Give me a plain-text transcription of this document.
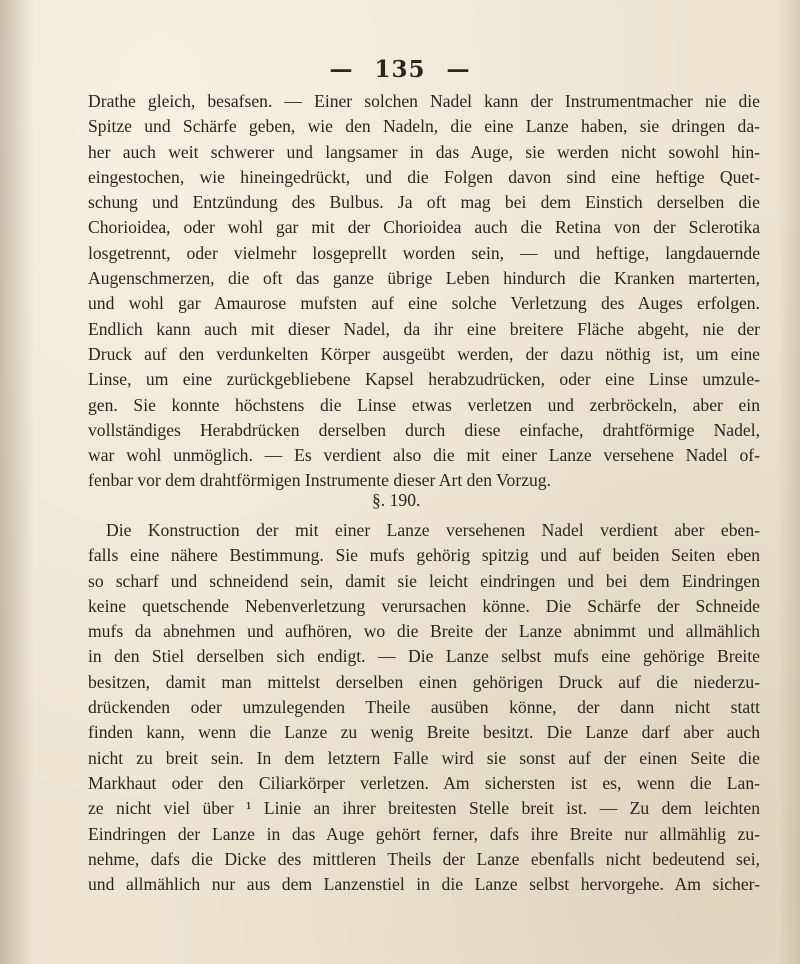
— 135 —
Drathe gleich, besafsen. — Einer solchen Nadel kann der Instrumentmacher nie die
Spitze und Schärfe geben, wie den Nadeln, die eine Lanze haben, sie dringen da-
her auch weit schwerer und langsamer in das Auge, sie werden nicht sowohl hin-
eingestochen, wie hineingedrückt, und die Folgen davon sind eine heftige Quet-
schung und Entzündung des Bulbus. Ja oft mag bei dem Einstich derselben die
Chorioidea, oder wohl gar mit der Chorioidea auch die Retina von der Sclerotika
losgetrennt, oder vielmehr losgeprellt worden sein, — und heftige, langdauernde
Augenschmerzen, die oft das ganze übrige Leben hindurch die Kranken marterten,
und wohl gar Amaurose mufsten auf eine solche Verletzung des Auges erfolgen.
Endlich kann auch mit dieser Nadel, da ihr eine breitere Fläche abgeht, nie der
Druck auf den verdunkelten Körper ausgeübt werden, der dazu nöthig ist, um eine
Linse, um eine zurückgebliebene Kapsel herabzudrücken, oder eine Linse umzule-
gen. Sie konnte höchstens die Linse etwas verletzen und zerbröckeln, aber ein
vollständiges Herabdrücken derselben durch diese einfache, drahtförmige Nadel,
war wohl unmöglich. — Es verdient also die mit einer Lanze versehene Nadel of-
fenbar vor dem drahtförmigen Instrumente dieser Art den Vorzug.
§. 190.
Die Konstruction der mit einer Lanze versehenen Nadel verdient aber eben-
falls eine nähere Bestimmung. Sie mufs gehörig spitzig und auf beiden Seiten eben
so scharf und schneidend sein, damit sie leicht eindringen und bei dem Eindringen
keine quetschende Nebenverletzung verursachen könne. Die Schärfe der Schneide
mufs da abnehmen und aufhören, wo die Breite der Lanze abnimmt und allmählich
in den Stiel derselben sich endigt. — Die Lanze selbst mufs eine gehörige Breite
besitzen, damit man mittelst derselben einen gehörigen Druck auf die niederzu-
drückenden oder umzulegenden Theile ausüben könne, der dann nicht statt
finden kann, wenn die Lanze zu wenig Breite besitzt. Die Lanze darf aber auch
nicht zu breit sein. In dem letztern Falle wird sie sonst auf der einen Seite die
Markhaut oder den Ciliarkörper verletzen. Am sichersten ist es, wenn die Lan-
ze nicht viel über ¹ Linie an ihrer breitesten Stelle breit ist. — Zu dem leichten
Eindringen der Lanze in das Auge gehört ferner, dafs ihre Breite nur allmählig zu-
nehme, dafs die Dicke des mittleren Theils der Lanze ebenfalls nicht bedeutend sei,
und allmählich nur aus dem Lanzenstiel in die Lanze selbst hervorgehe. Am sicher-
